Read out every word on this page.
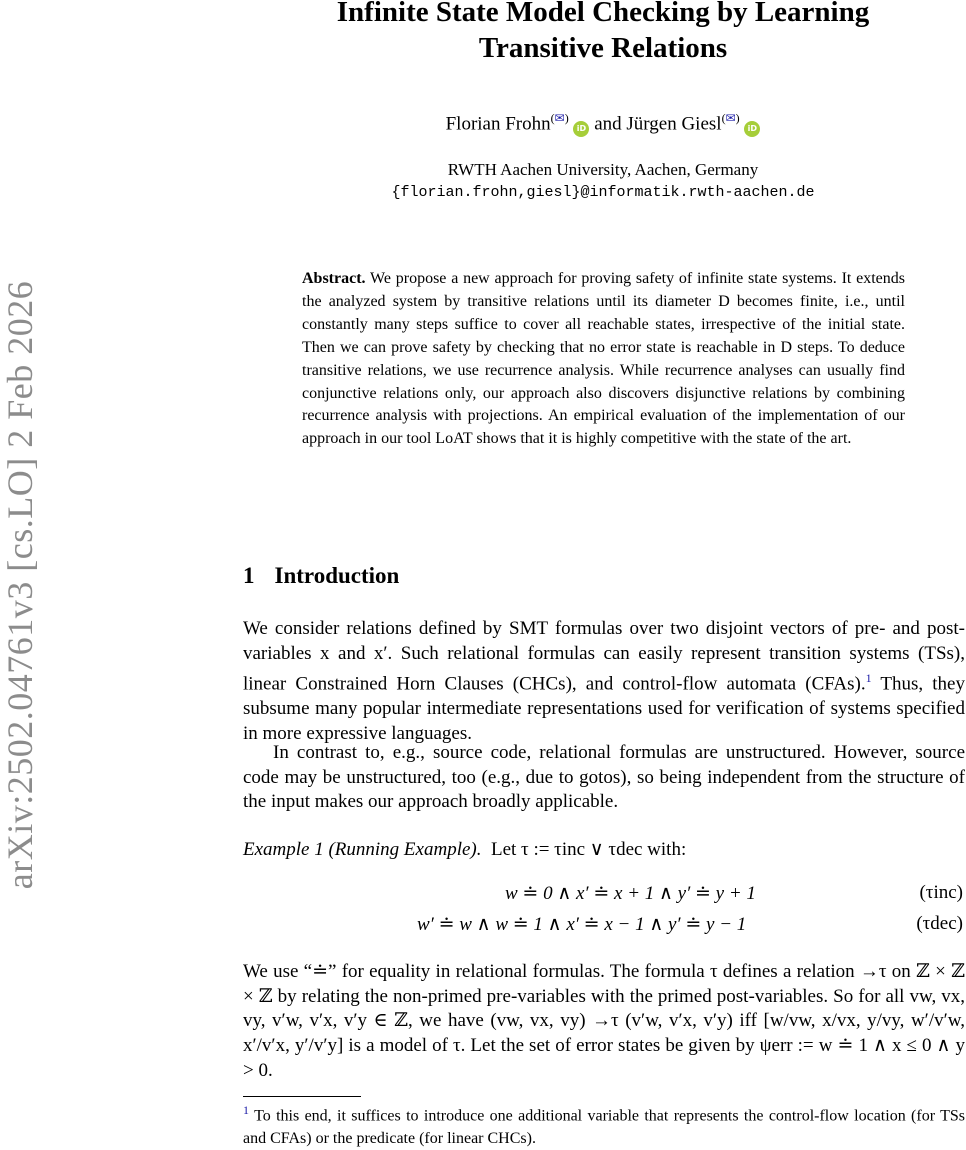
arXiv:2502.04761v3 [cs.LO] 2 Feb 2026
Infinite State Model Checking by Learning
Transitive Relations
Florian Frohn(✉) iD and Jürgen Giesl(✉) iD
RWTH Aachen University, Aachen, Germany
{florian.frohn,giesl}@informatik.rwth-aachen.de
Abstract. We propose a new approach for proving safety of infinite state systems. It extends the analyzed system by transitive relations until its diameter D becomes finite, i.e., until constantly many steps suffice to cover all reachable states, irrespective of the initial state. Then we can prove safety by checking that no error state is reachable in D steps. To deduce transitive relations, we use recurrence analysis. While recurrence analyses can usually find conjunctive relations only, our approach also discovers disjunctive relations by combining recurrence analysis with projections. An empirical evaluation of the implementation of our approach in our tool LoAT shows that it is highly competitive with the state of the art.
1 Introduction
We consider relations defined by SMT formulas over two disjoint vectors of pre- and post-variables x and x′. Such relational formulas can easily represent transition systems (TSs), linear Constrained Horn Clauses (CHCs), and control-flow automata (CFAs).$^1$ Thus, they subsume many popular intermediate representations used for verification of systems specified in more expressive languages.
In contrast to, e.g., source code, relational formulas are unstructured. However, source code may be unstructured, too (e.g., due to gotos), so being independent from the structure of the input makes our approach broadly applicable.
Example 1 (Running Example). Let τ := τinc ∨ τdec with:
w ≐ 0 ∧ x′ ≐ x + 1 ∧ y′ ≐ y + 1	(τinc)
w′ ≐ w ∧ w ≐ 1 ∧ x′ ≐ x − 1 ∧ y′ ≐ y − 1	(τdec)
We use “≐” for equality in relational formulas. The formula τ defines a relation →τ on ℤ × ℤ × ℤ by relating the non-primed pre-variables with the primed post-variables. So for all vw, vx, vy, v′w, v′x, v′y ∈ ℤ, we have (vw, vx, vy) →τ (v′w, v′x, v′y) iff [w/vw, x/vx, y/vy, w′/v′w, x′/v′x, y′/v′y] is a model of τ. Let the set of error states be given by ψerr := w ≐ 1 ∧ x ≤ 0 ∧ y > 0.
$^1$ To this end, it suffices to introduce one additional variable that represents the control-flow location (for TSs and CFAs) or the predicate (for linear CHCs).
